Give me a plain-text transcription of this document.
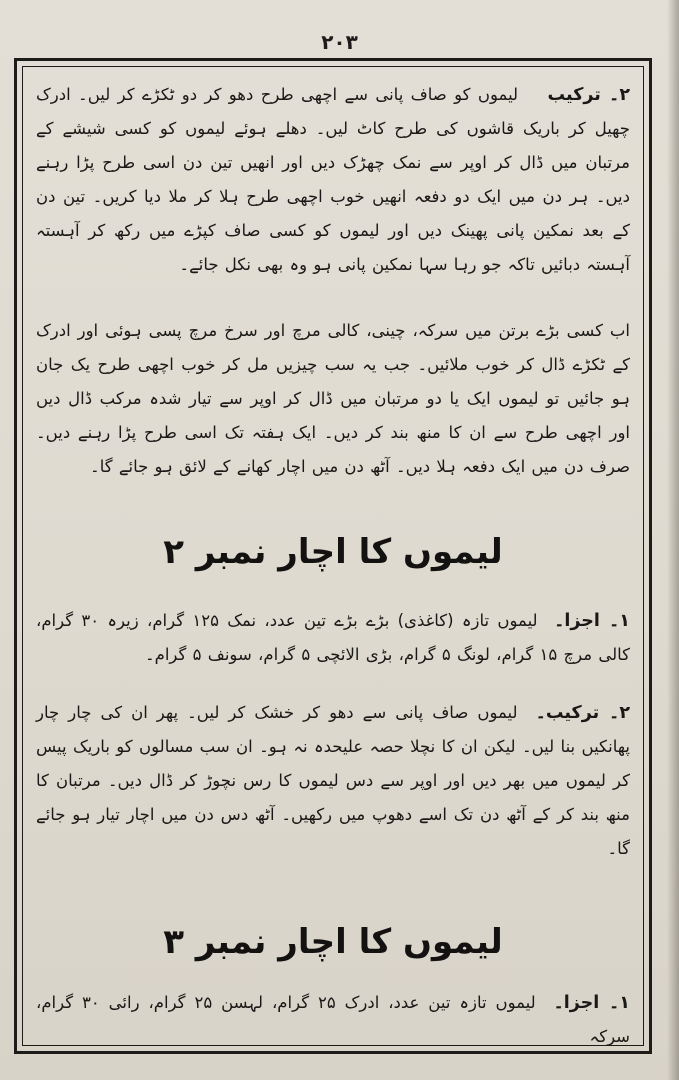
۲۰۳

۲۔ ترکیب    لیموں کو صاف پانی سے اچھی طرح دھو کر دو ٹکڑے کر لیں۔ ادرک چھیل کر باریک قاشوں کی طرح کاٹ لیں۔ دھلے ہوئے لیموں کو کسی شیشے کے مرتبان میں ڈال کر اوپر سے نمک چھڑک دیں اور انھیں تین دن اسی طرح پڑا رہنے دیں۔ ہر دن میں ایک دو دفعہ انھیں خوب اچھی طرح ہلا کر ملا دیا کریں۔ تین دن کے بعد نمکین پانی پھینک دیں اور لیموں کو کسی صاف کپڑے میں رکھ کر آہستہ آہستہ دبائیں تاکہ جو رہا سہا نمکین پانی ہو وہ بھی نکل جائے۔

اب کسی بڑے برتن میں سرکہ، چینی، کالی مرچ اور سرخ مرچ پسی ہوئی اور ادرک کے ٹکڑے ڈال کر خوب ملائیں۔ جب یہ سب چیزیں مل کر خوب اچھی طرح یک جان ہو جائیں تو لیموں ایک یا دو مرتبان میں ڈال کر اوپر سے تیار شدہ مرکب ڈال دیں اور اچھی طرح سے ان کا منھ بند کر دیں۔ ایک ہفتہ تک اسی طرح پڑا رہنے دیں۔ صرف دن میں ایک دفعہ ہلا دیں۔ آٹھ دن میں اچار کھانے کے لائق ہو جائے گا۔

لیموں کا اچار نمبر ۲

۱۔ اجزا۔  لیموں تازہ (کاغذی) بڑے بڑے تین عدد، نمک ۱۲۵ گرام، زیرہ ۳۰ گرام، کالی مرچ ۱۵ گرام، لونگ ۵ گرام، بڑی الائچی ۵ گرام، سونف ۵ گرام۔

۲۔ ترکیب۔  لیموں صاف پانی سے دھو کر خشک کر لیں۔ پھر ان کی چار چار پھانکیں بنا لیں۔ لیکن ان کا نچلا حصہ علیحدہ نہ ہو۔ ان سب مسالوں کو باریک پیس کر لیموں میں بھر دیں اور اوپر سے دس لیموں کا رس نچوڑ کر ڈال دیں۔ مرتبان کا منھ بند کر کے آٹھ دن تک اسے دھوپ میں رکھیں۔ آٹھ دس دن میں اچار تیار ہو جائے گا۔

لیموں کا اچار نمبر ۳

۱۔ اجزا۔  لیموں تازہ تین عدد، ادرک ۲۵ گرام، لہسن ۲۵ گرام، رائی ۳۰ گرام، سرکہ
